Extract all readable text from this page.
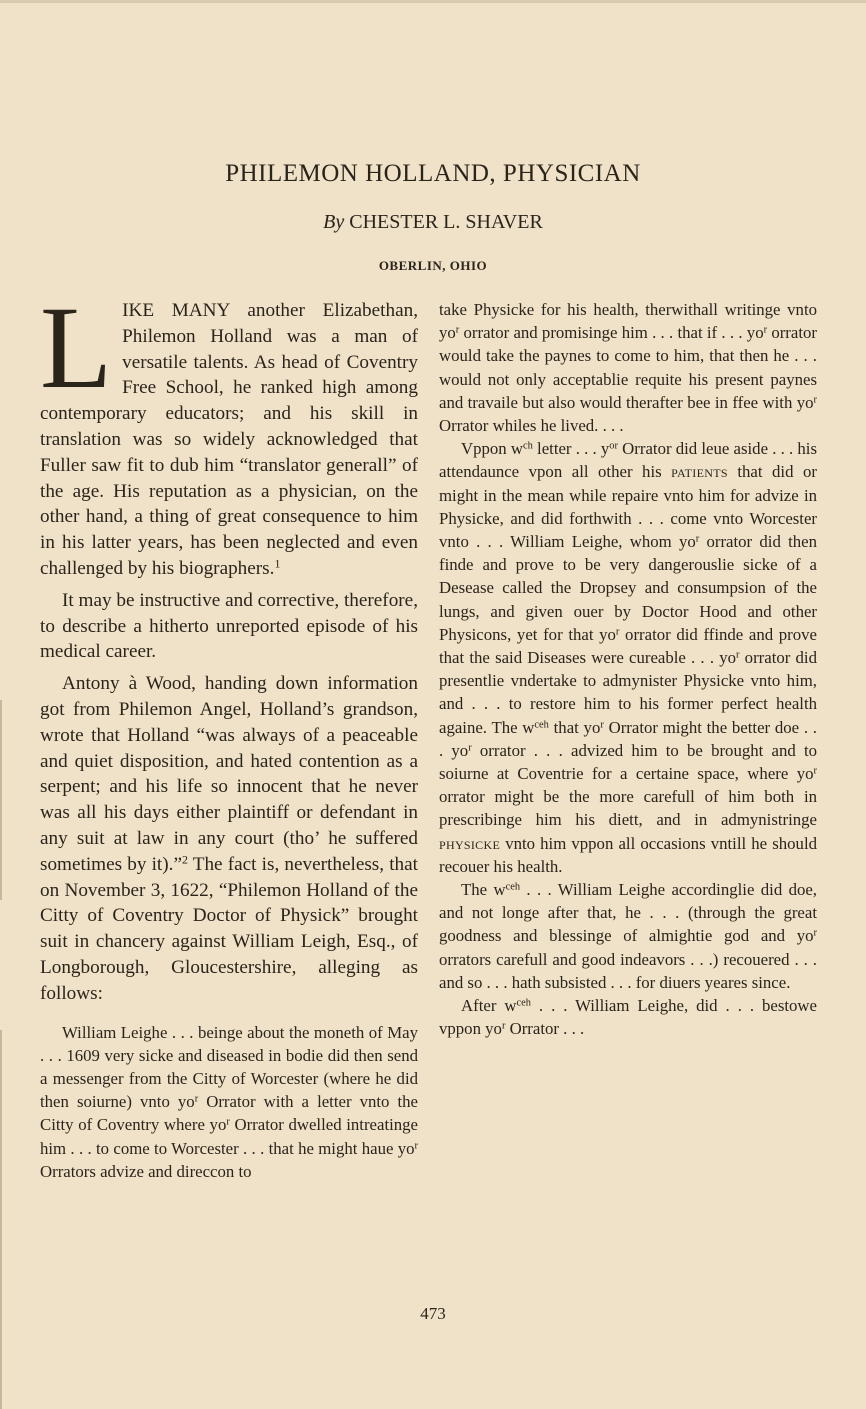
PHILEMON HOLLAND, PHYSICIAN
By CHESTER L. SHAVER
OBERLIN, OHIO

LIKE MANY another Elizabethan, Philemon Holland was a man of versatile talents. As head of Coventry Free School, he ranked high among contemporary educators; and his skill in translation was so widely acknowledged that Fuller saw fit to dub him “translator generall” of the age. His reputation as a physician, on the other hand, a thing of great consequence to him in his latter years, has been neglected and even challenged by his biographers.$^1$

It may be instructive and corrective, therefore, to describe a hitherto unreported episode of his medical career.

Antony à Wood, handing down information got from Philemon Angel, Holland’s grandson, wrote that Holland “was always of a peaceable and quiet disposition, and hated contention as a serpent; and his life so innocent that he never was all his days either plaintiff or defendant in any suit at law in any court (tho’ he suffered sometimes by it).”$^2$ The fact is, nevertheless, that on November 3, 1622, “Philemon Holland of the Citty of Coventry Doctor of Physick” brought suit in chancery against William Leigh, Esq., of Longborough, Gloucestershire, alleging as follows:

William Leighe . . . beinge about the moneth of May . . . 1609 very sicke and diseased in bodie did then send a messenger from the Citty of Worcester (where he did then soiurne) vnto $yo^r$ Orrator with a letter vnto the Citty of Coventry where $yo^r$ Orrator dwelled intreatinge him . . . to come to Worcester . . . that he might haue $yo^r$ Orrators advize and direccon to

take Physicke for his health, therwithall writinge vnto $yo^r$ orrator and promisinge him . . . that if . . . $yo^r$ orrator would take the paynes to come to him, that then he . . . would not only acceptablie requite his present paynes and travaile but also would therafter bee in ffee with $yo^r$ Orrator whiles he lived. . . .

Vppon $w^{ch}$ letter . . . $y^{or}$ Orrator did leue aside . . . his attendaunce vpon all other his patients that did or might in the mean while repaire vnto him for advize in Physicke, and did forthwith . . . come vnto Worcester vnto . . . William Leighe, whom $yo^r$ orrator did then finde and prove to be very dangerouslie sicke of a Desease called the Dropsey and consumpsion of the lungs, and given ouer by Doctor Hood and other Physicons, yet for that $yo^r$ orrator did ffinde and prove that the said Diseases were cureable . . . $yo^r$ orrator did presentlie vndertake to admynister Physicke vnto him, and . . . to restore him to his former perfect health againe. The $w^{ceh}$ that $yo^r$ Orrator might the better doe . . . $yo^r$ orrator . . . advized him to be brought and to soiurne at Coventrie for a certaine space, where $yo^r$ orrator might be the more carefull of him both in prescribinge him his diett, and in admynistringe physicke vnto him vppon all occasions vntill he should recouer his health.

The $w^{ceh}$ . . . William Leighe accordinglie did doe, and not longe after that, he . . . (through the great goodness and blessinge of almightie god and $yo^r$ orrators carefull and good indeavors . . .) recouered . . . and so . . . hath subsisted . . . for diuers yeares since.

After $w^{ceh}$ . . . William Leighe, did . . . bestowe vppon $yo^r$ Orrator . . .

473
